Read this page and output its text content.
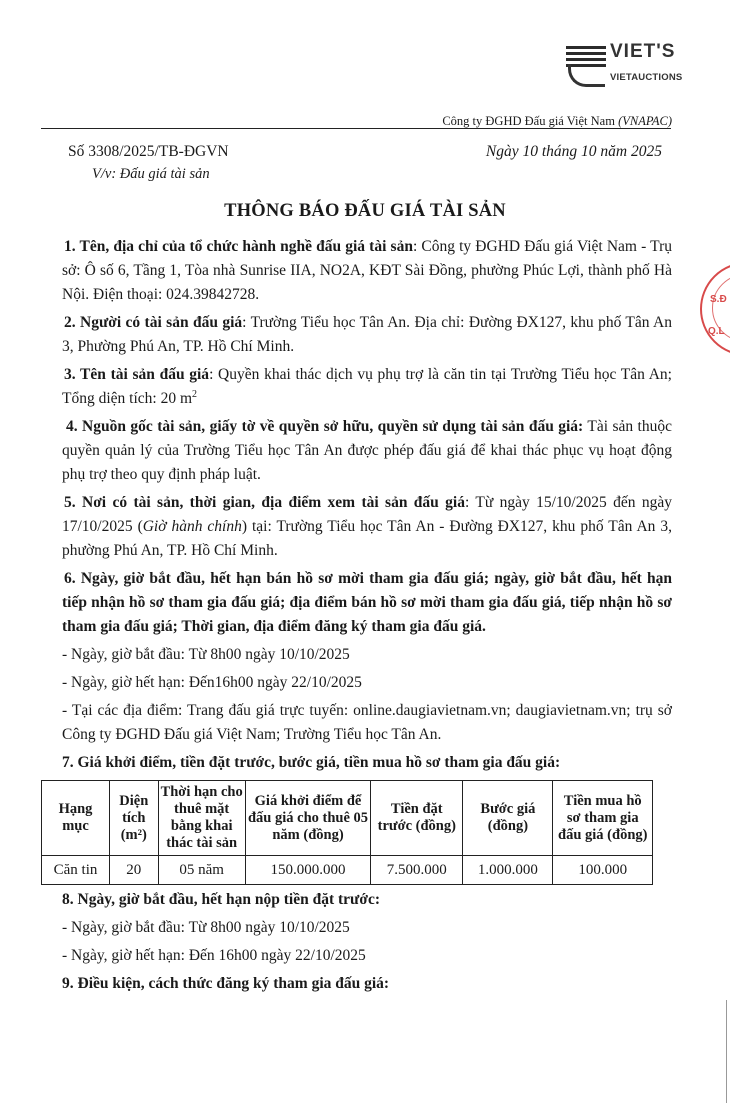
VIET'S
VIETAUCTIONS
Công ty ĐGHD Đấu giá Việt Nam (VNAPAC)
Số 3308/2025/TB-ĐGVN	Ngày 10 tháng 10 năm 2025
V/v: Đấu giá tài sản
THÔNG BÁO ĐẤU GIÁ TÀI SẢN

1. Tên, địa chỉ của tổ chức hành nghề đấu giá tài sản: Công ty ĐGHD Đấu giá Việt Nam - Trụ sở: Ô số 6, Tầng 1, Tòa nhà Sunrise IIA, NO2A, KĐT Sài Đồng, phường Phúc Lợi, thành phố Hà Nội. Điện thoại: 024.39842728.

2. Người có tài sản đấu giá: Trường Tiểu học Tân An. Địa chỉ: Đường ĐX127, khu phố Tân An 3, Phường Phú An, TP. Hồ Chí Minh.

3. Tên tài sản đấu giá: Quyền khai thác dịch vụ phụ trợ là căn tin tại Trường Tiểu học Tân An; Tổng diện tích: 20 $m^2$

4. Nguồn gốc tài sản, giấy tờ về quyền sở hữu, quyền sử dụng tài sản đấu giá: Tài sản thuộc quyền quản lý của Trường Tiểu học Tân An được phép đấu giá để khai thác phục vụ hoạt động phụ trợ theo quy định pháp luật.

5. Nơi có tài sản, thời gian, địa điểm xem tài sản đấu giá: Từ ngày 15/10/2025 đến ngày 17/10/2025 (Giờ hành chính) tại: Trường Tiểu học Tân An - Đường ĐX127, khu phố Tân An 3, phường Phú An, TP. Hồ Chí Minh.

6. Ngày, giờ bắt đầu, hết hạn bán hồ sơ mời tham gia đấu giá; ngày, giờ bắt đầu, hết hạn tiếp nhận hồ sơ tham gia đấu giá; địa điểm bán hồ sơ mời tham gia đấu giá, tiếp nhận hồ sơ tham gia đấu giá; Thời gian, địa điểm đăng ký tham gia đấu giá.

- Ngày, giờ bắt đầu: Từ 8h00 ngày 10/10/2025

- Ngày, giờ hết hạn: Đến16h00 ngày 22/10/2025

- Tại các địa điểm: Trang đấu giá trực tuyến: online.daugiavietnam.vn; daugiavietnam.vn; trụ sở Công ty ĐGHD Đấu giá Việt Nam; Trường Tiểu học Tân An.

7. Giá khởi điểm, tiền đặt trước, bước giá, tiền mua hồ sơ tham gia đấu giá:

Hạng mục	Diện tích (m²)	Thời hạn cho thuê mặt bằng khai thác tài sản	Giá khởi điểm để đấu giá cho thuê 05 năm (đồng)	Tiền đặt trước (đồng)	Bước giá (đồng)	Tiền mua hồ sơ tham gia đấu giá (đồng)
Căn tin	20	05 năm	150.000.000	7.500.000	1.000.000	100.000

8. Ngày, giờ bắt đầu, hết hạn nộp tiền đặt trước:

- Ngày, giờ bắt đầu: Từ 8h00 ngày 10/10/2025

- Ngày, giờ hết hạn: Đến 16h00 ngày 22/10/2025

9. Điều kiện, cách thức đăng ký tham gia đấu giá:

S.Đ
Q.L
